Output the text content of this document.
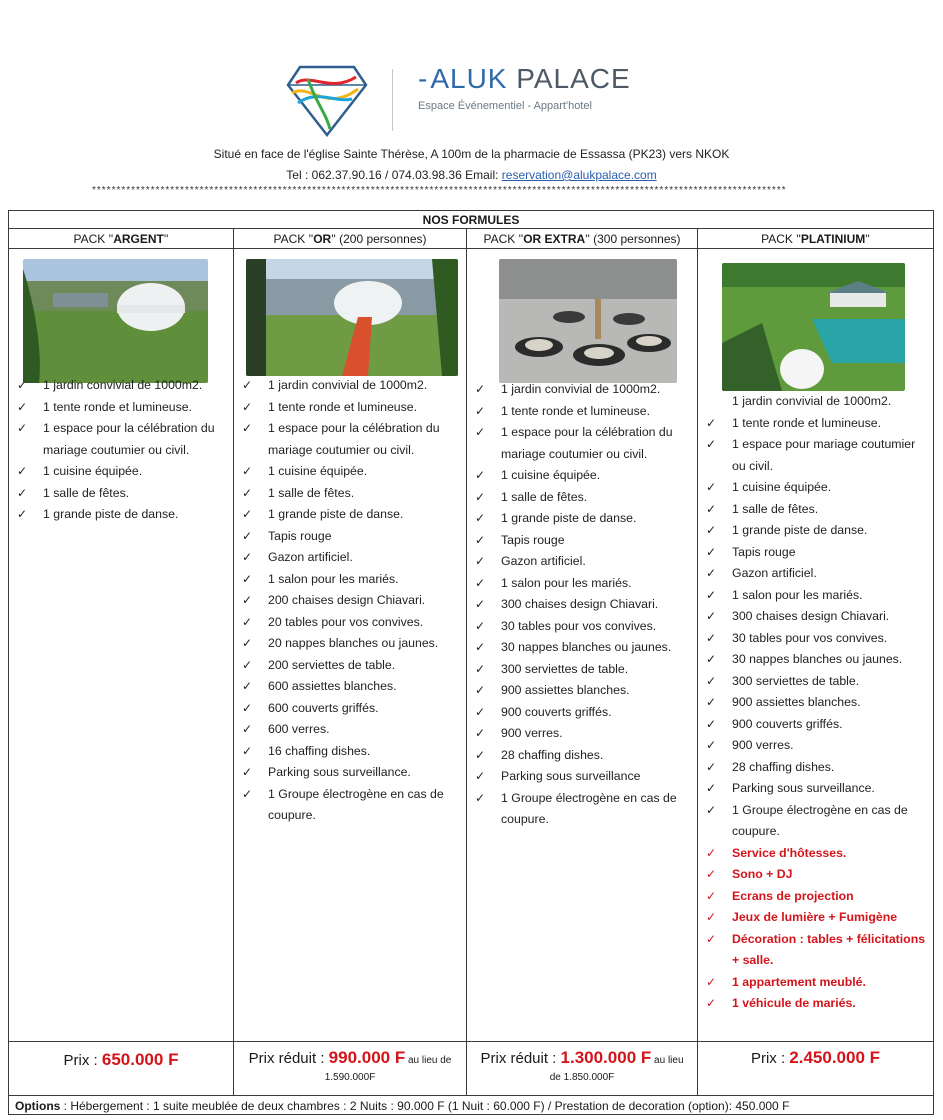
-ALUK PALACE
Espace Événementiel - Appart'hotel
Situé en face de l'église Sainte Thérèse, A 100m de la pharmacie de Essassa (PK23) vers NKOK
Tel : 062.37.90.16 / 074.03.98.36 Email: reservation@alukpalace.com
**********************************************************************************************************************************************
NOS FORMULES
PACK ''ARGENT''
✓ 1 jardin convivial de 1000m2.
✓ 1 tente ronde et lumineuse.
✓ 1 espace pour la célébration du mariage coutumier ou civil.
✓ 1 cuisine équipée.
✓ 1 salle de fêtes.
✓ 1 grande piste de danse.
PACK ''OR'' (200 personnes)
✓ 1 jardin convivial de 1000m2.
✓ 1 tente ronde et lumineuse.
✓ 1 espace pour la célébration du mariage coutumier ou civil.
✓ 1 cuisine équipée.
✓ 1 salle de fêtes.
✓ 1 grande piste de danse.
✓ Tapis rouge
✓ Gazon artificiel.
✓ 1 salon pour les mariés.
✓ 200 chaises design Chiavari.
✓ 20 tables pour vos convives.
✓ 20 nappes blanches ou jaunes.
✓ 200 serviettes de table.
✓ 600 assiettes blanches.
✓ 600 couverts griffés.
✓ 600 verres.
✓ 16 chaffing dishes.
✓ Parking sous surveillance.
✓ 1 Groupe électrogène en cas de coupure.
PACK ''OR EXTRA'' (300 personnes)
✓ 1 jardin convivial de 1000m2.
✓ 1 tente ronde et lumineuse.
✓ 1 espace pour la célébration du mariage coutumier ou civil.
✓ 1 cuisine équipée.
✓ 1 salle de fêtes.
✓ 1 grande piste de danse.
✓ Tapis rouge
✓ Gazon artificiel.
✓ 1 salon pour les mariés.
✓ 300 chaises design Chiavari.
✓ 30 tables pour vos convives.
✓ 30 nappes blanches ou jaunes.
✓ 300 serviettes de table.
✓ 900 assiettes blanches.
✓ 900 couverts griffés.
✓ 900 verres.
✓ 28 chaffing dishes.
✓ Parking sous surveillance
✓ 1 Groupe électrogène en cas de coupure.
PACK ''PLATINIUM''
1 jardin convivial de 1000m2.
✓ 1 tente ronde et lumineuse.
✓ 1 espace pour mariage coutumier ou civil.
✓ 1 cuisine équipée.
✓ 1 salle de fêtes.
✓ 1 grande piste de danse.
✓ Tapis rouge
✓ Gazon artificiel.
✓ 1 salon pour les mariés.
✓ 300 chaises design Chiavari.
✓ 30 tables pour vos convives.
✓ 30 nappes blanches ou jaunes.
✓ 300 serviettes de table.
✓ 900 assiettes blanches.
✓ 900 couverts griffés.
✓ 900 verres.
✓ 28 chaffing dishes.
✓ Parking sous surveillance.
✓ 1 Groupe électrogène en cas de coupure.
✓ Service d'hôtesses.
✓ Sono + DJ
✓ Ecrans de projection
✓ Jeux de lumière + Fumigène
✓ Décoration : tables + félicitations + salle.
✓ 1 appartement meublé.
✓ 1 véhicule de mariés.
Prix : 650.000 F	Prix réduit : 990.000 F au lieu de
1.590.000F
Prix réduit : 1.300.000 F au lieu
de 1.850.000F
Prix : 2.450.000 F
Options : Hébergement : 1 suite meublée de deux chambres : 2 Nuits : 90.000 F (1 Nuit : 60.000 F) / Prestation de decoration (option): 450.000 F
